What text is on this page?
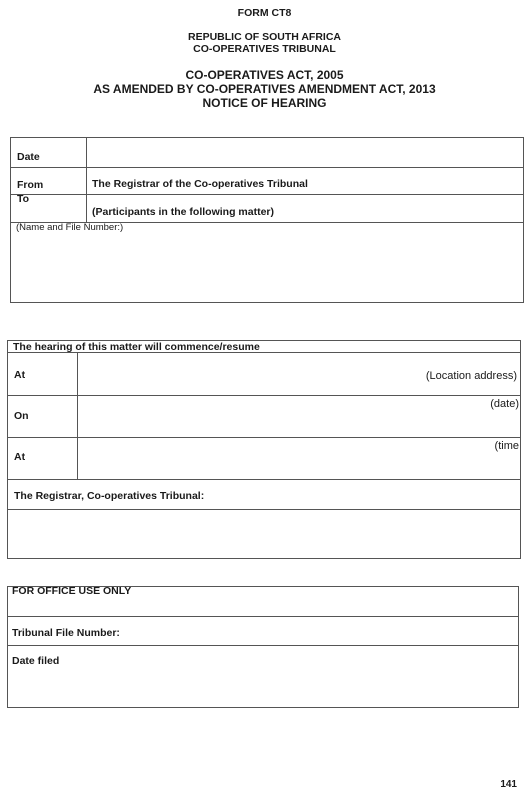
FORM CT8
REPUBLIC OF SOUTH AFRICA
CO-OPERATIVES TRIBUNAL
CO-OPERATIVES ACT, 2005
AS AMENDED BY CO-OPERATIVES AMENDMENT ACT, 2013
NOTICE OF HEARING
Date
From	The Registrar of the Co-operatives Tribunal
To
(Participants in the following matter)
(Name and File Number:)
The hearing of this matter will commence/resume
At	(Location address)
On
(date)
At
(time
The Registrar, Co-operatives Tribunal:
FOR OFFICE USE ONLY
Tribunal File Number:
Date filed
141
